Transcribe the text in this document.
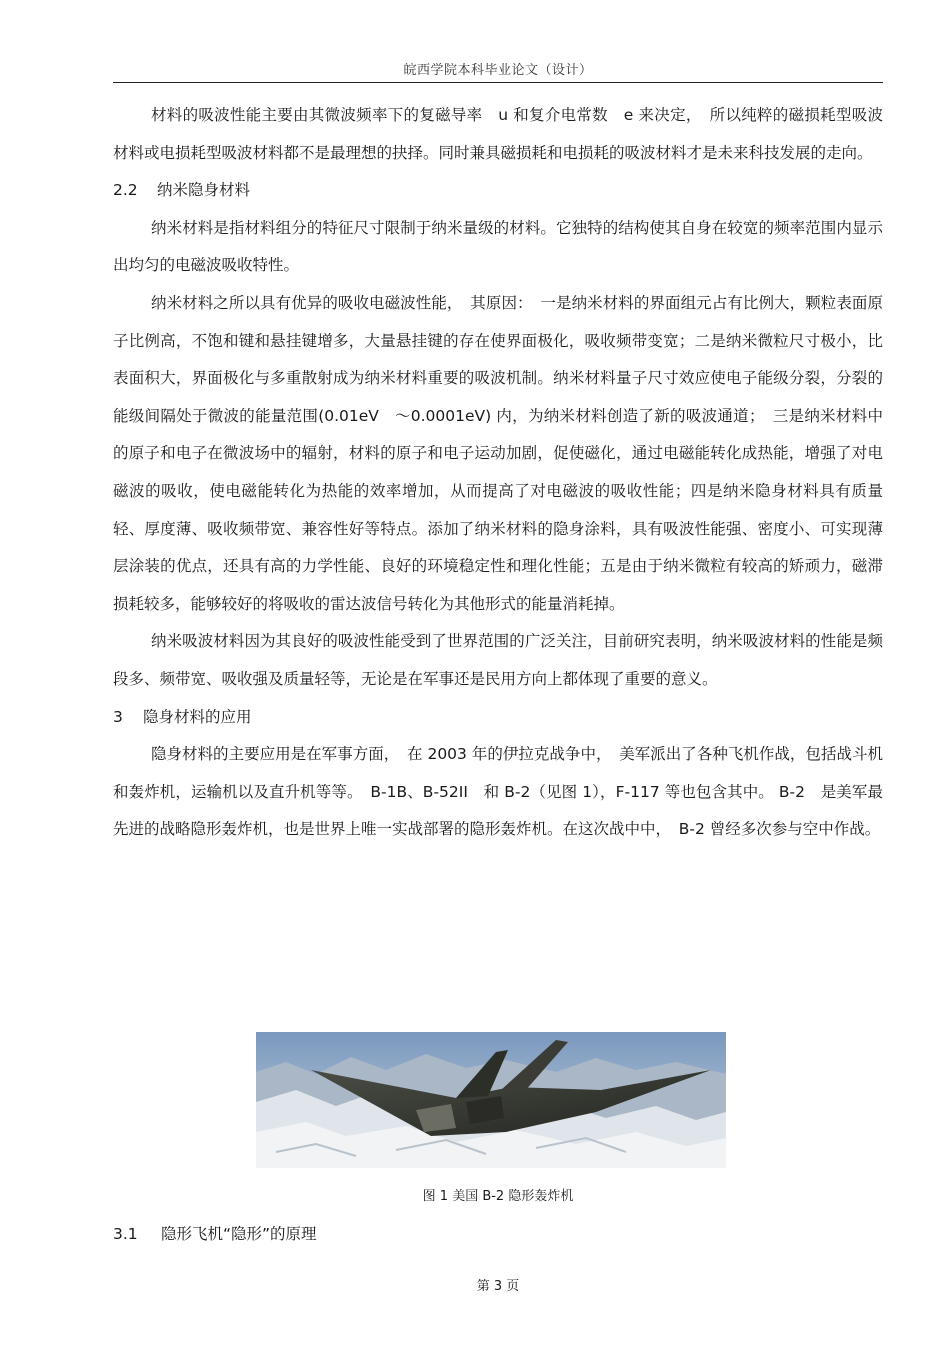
皖西学院本科毕业论文（设计）

材料的吸波性能主要由其微波频率下的复磁导率　u 和复介电常数　e 来决定，　所以纯粹的磁损耗型吸波材料或电损耗型吸波材料都不是最理想的抉择。同时兼具磁损耗和电损耗的吸波材料才是未来科技发展的走向。

2.2 纳米隐身材料

纳米材料是指材料组分的特征尺寸限制于纳米量级的材料。它独特的结构使其自身在较宽的频率范围内显示出均匀的电磁波吸收特性。

纳米材料之所以具有优异的吸收电磁波性能，　其原因：　一是纳米材料的界面组元占有比例大，颗粒表面原子比例高，不饱和键和悬挂键增多，大量悬挂键的存在使界面极化，吸收频带变宽；二是纳米微粒尺寸极小，比表面积大，界面极化与多重散射成为纳米材料重要的吸波机制。纳米材料量子尺寸效应使电子能级分裂，分裂的能级间隔处于微波的能量范围(0.01eV　～0.0001eV) 内，为纳米材料创造了新的吸波通道；　三是纳米材料中的原子和电子在微波场中的辐射，材料的原子和电子运动加剧，促使磁化，通过电磁能转化成热能，增强了对电磁波的吸收，使电磁能转化为热能的效率增加，从而提高了对电磁波的吸收性能；四是纳米隐身材料具有质量轻、厚度薄、吸收频带宽、兼容性好等特点。添加了纳米材料的隐身涂料，具有吸波性能强、密度小、可实现薄层涂装的优点，还具有高的力学性能、良好的环境稳定性和理化性能；五是由于纳米微粒有较高的矫顽力，磁滞损耗较多，能够较好的将吸收的雷达波信号转化为其他形式的能量消耗掉。

纳米吸波材料因为其良好的吸波性能受到了世界范围的广泛关注，目前研究表明，纳米吸波材料的性能是频段多、频带宽、吸收强及质量轻等，无论是在军事还是民用方向上都体现了重要的意义。

3 隐身材料的应用

隐身材料的主要应用是在军事方面，　在 2003 年的伊拉克战争中，　美军派出了各种飞机作战，包括战斗机和轰炸机，运输机以及直升机等等。　B-1B、B-52II　和 B-2（见图 1），F-117 等也包含其中。 B-2　是美军最先进的战略隐形轰炸机，也是世界上唯一实战部署的隐形轰炸机。在这次战中中，　B-2 曾经多次参与空中作战。

图 1 美国 B-2 隐形轰炸机
3.1 隐形飞机“隐形”的原理
第 3 页
